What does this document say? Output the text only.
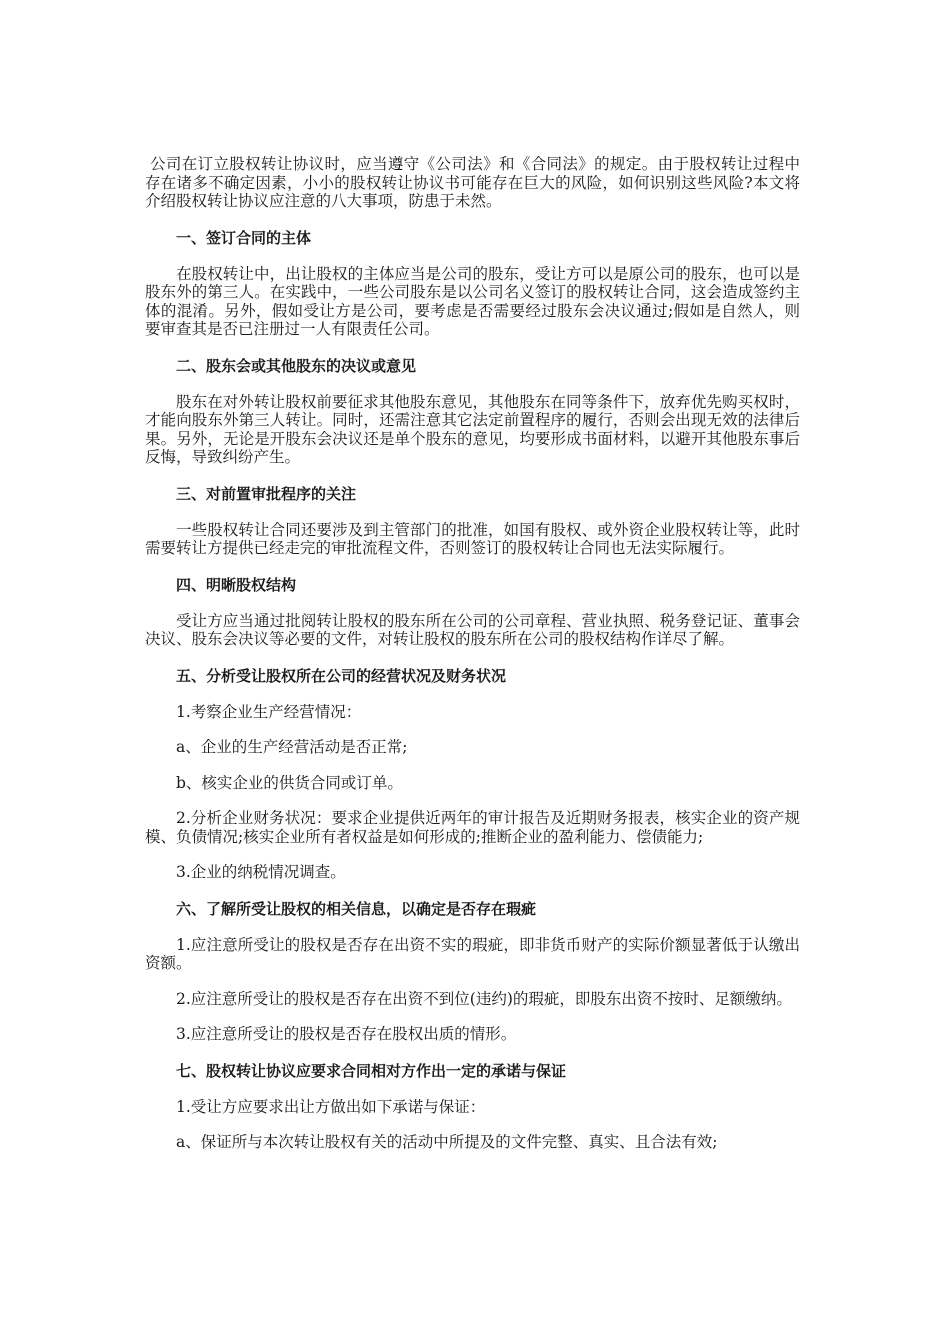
公司在订立股权转让协议时，应当遵守《公司法》和《合同法》的规定。由于股权转让过程中存在诸多不确定因素，小小的股权转让协议书可能存在巨大的风险，如何识别这些风险?本文将介绍股权转让协议应注意的八大事项，防患于未然。

一、签订合同的主体

在股权转让中，出让股权的主体应当是公司的股东，受让方可以是原公司的股东，也可以是股东外的第三人。在实践中，一些公司股东是以公司名义签订的股权转让合同，这会造成签约主体的混淆。另外，假如受让方是公司，要考虑是否需要经过股东会决议通过;假如是自然人，则要审查其是否已注册过一人有限责任公司。

二、股东会或其他股东的决议或意见

股东在对外转让股权前要征求其他股东意见，其他股东在同等条件下，放弃优先购买权时，才能向股东外第三人转让。同时，还需注意其它法定前置程序的履行，否则会出现无效的法律后果。另外，无论是开股东会决议还是单个股东的意见，均要形成书面材料，以避开其他股东事后反悔，导致纠纷产生。

三、对前置审批程序的关注

一些股权转让合同还要涉及到主管部门的批准，如国有股权、或外资企业股权转让等，此时需要转让方提供已经走完的审批流程文件，否则签订的股权转让合同也无法实际履行。

四、明晰股权结构

受让方应当通过批阅转让股权的股东所在公司的公司章程、营业执照、税务登记证、董事会决议、股东会决议等必要的文件，对转让股权的股东所在公司的股权结构作详尽了解。

五、分析受让股权所在公司的经营状况及财务状况

1.考察企业生产经营情况：

a、企业的生产经营活动是否正常;

b、核实企业的供货合同或订单。

2.分析企业财务状况：要求企业提供近两年的审计报告及近期财务报表，核实企业的资产规模、负债情况;核实企业所有者权益是如何形成的;推断企业的盈利能力、偿债能力;

3.企业的纳税情况调查。

六、了解所受让股权的相关信息，以确定是否存在瑕疵

1.应注意所受让的股权是否存在出资不实的瑕疵，即非货币财产的实际价额显著低于认缴出资额。

2.应注意所受让的股权是否存在出资不到位(违约)的瑕疵，即股东出资不按时、足额缴纳。

3.应注意所受让的股权是否存在股权出质的情形。

七、股权转让协议应要求合同相对方作出一定的承诺与保证

1.受让方应要求出让方做出如下承诺与保证：

a、保证所与本次转让股权有关的活动中所提及的文件完整、真实、且合法有效;
